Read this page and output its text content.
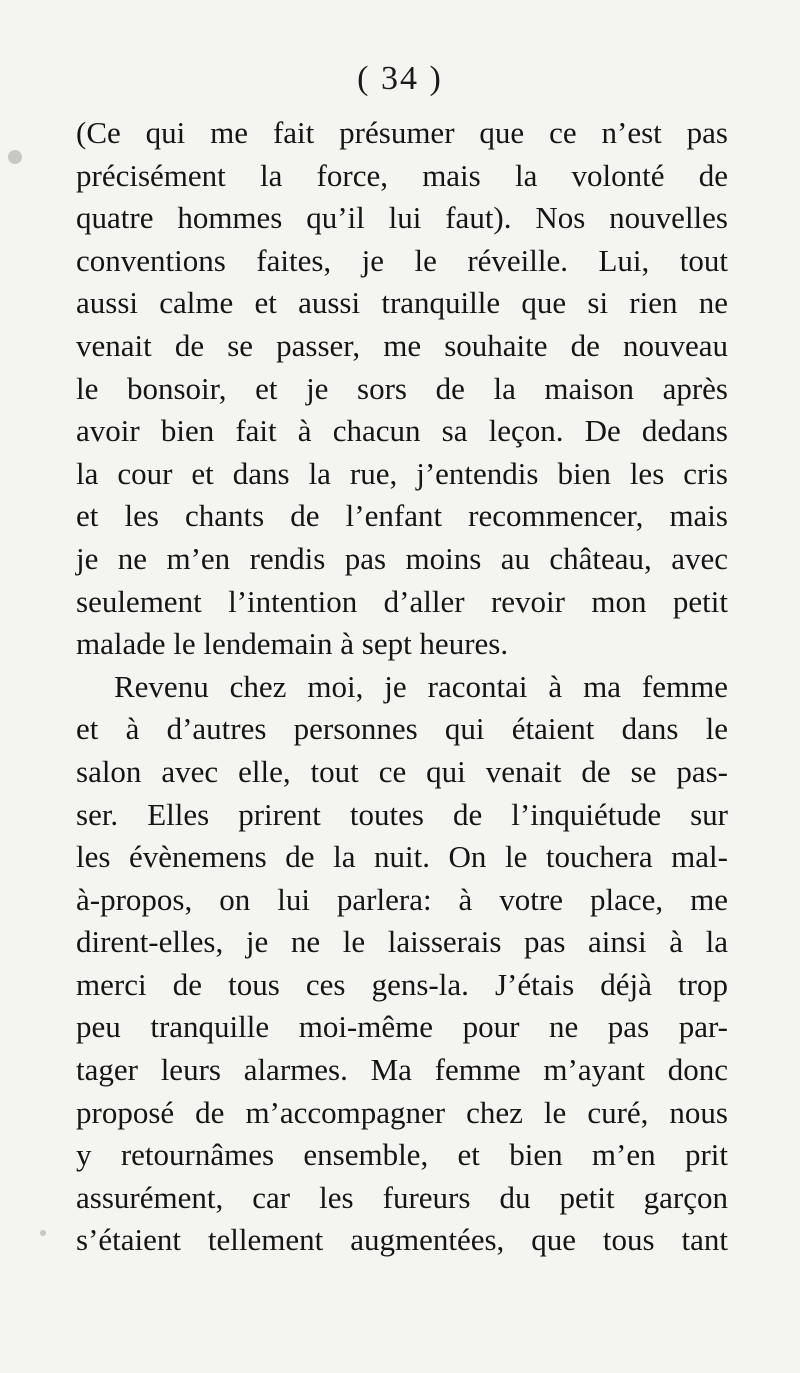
( 34 )
(Ce qui me fait présumer que ce n’est pas
précisément la force, mais la volonté de
quatre hommes qu’il lui faut). Nos nouvelles
conventions faites, je le réveille. Lui, tout
aussi calme et aussi tranquille que si rien ne
venait de se passer, me souhaite de nouveau
le bonsoir, et je sors de la maison après
avoir bien fait à chacun sa leçon. De dedans
la cour et dans la rue, j’entendis bien les cris
et les chants de l’enfant recommencer, mais
je ne m’en rendis pas moins au château, avec
seulement l’intention d’aller revoir mon petit
malade le lendemain à sept heures.
Revenu chez moi, je racontai à ma femme
et à d’autres personnes qui étaient dans le
salon avec elle, tout ce qui venait de se pas-
ser. Elles prirent toutes de l’inquiétude sur
les évènemens de la nuit. On le touchera mal-
à-propos, on lui parlera: à votre place, me
dirent-elles, je ne le laisserais pas ainsi à la
merci de tous ces gens-la. J’étais déjà trop
peu tranquille moi-même pour ne pas par-
tager leurs alarmes. Ma femme m’ayant donc
proposé de m’accompagner chez le curé, nous
y retournâmes ensemble, et bien m’en prit
assurément, car les fureurs du petit garçon
s’étaient tellement augmentées, que tous tant
